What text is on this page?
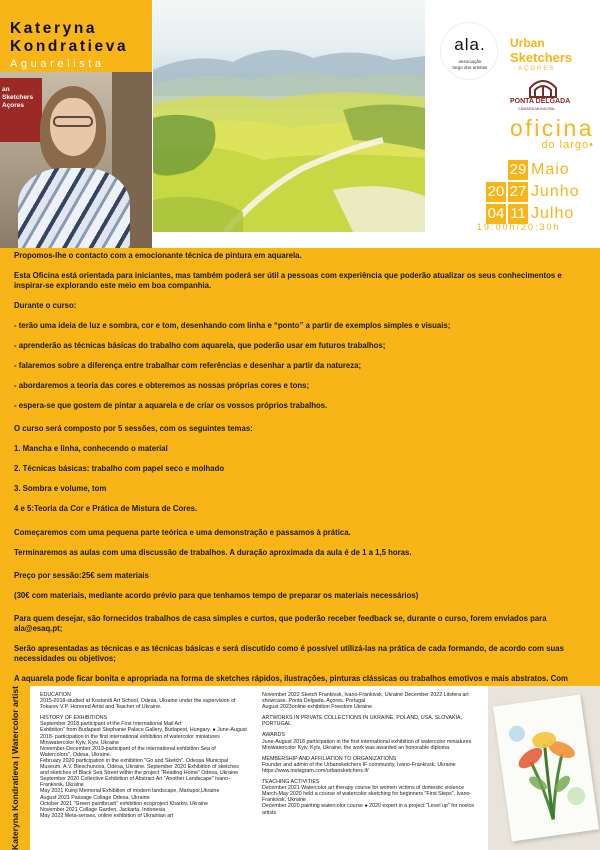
Kateryna
Kondratieva
Aguarelista
an Sketchers Açores
ala.
associação
largo dos artistas
Urban
Sketchers
AÇORES
PONTA DELGADA
CÂMARA MUNICIPAL
oficina
do largo•
29 Maio
20 27 Junho
04 11 Julho
19:00h/20:30h
Propomos-lhe o contacto com a emocionante técnica de pintura em aquarela.
Esta Oficina está orientada para iniciantes, mas também poderá ser útil a pessoas com experiência que poderão atualizar os seus conhecimentos e inspirar-se explorando este meio em boa companhia.
Durante o curso:
- terão uma ideia de luz e sombra, cor e tom, desenhando com linha e “ponto” a partir de exemplos simples e visuais;
- aprenderão as técnicas básicas do trabalho com aquarela, que poderão usar em futuros trabalhos;
- falaremos sobre a diferença entre trabalhar com referências e desenhar a partir da natureza;
- abordaremos a teoria das cores e obteremos as nossas próprias cores e tons;
- espera-se que gostem de pintar a aquarela e de criar os vossos próprios trabalhos.
O curso será composto por 5 sessões, com os seguintes temas:
1. Mancha e linha, conhecendo o material
2. Técnicas básicas: trabalho com papel seco e molhado
3. Sombra e volume, tom
4 e 5:Teoria da Cor e Prática de Mistura de Cores.
Começaremos com uma pequena parte teórica e uma demonstração e passamos à prática.
Terminaremos as aulas com uma discussão de trabalhos. A duração aproximada da aula é de 1 a 1,5 horas.
Preço por sessão:25€ sem materiais
(30€ com materiais, mediante acordo prévio para que tenhamos tempo de preparar os materiais necessários)
Para quem desejar, são fornecidos trabalhos de casa simples e curtos, que poderão receber feedback se, durante o curso, forem enviados para ala@esaq.pt;
Serão apresentadas as técnicas e as técnicas básicas e será discutido como é possível utilizá-las na prática de cada formando, de acordo com suas necessidades ou objetivos;
A aquarela pode ficar bonita e apropriada na forma de sketches rápidos, ilustrações, pinturas clássicas ou trabalhos emotivos e mais abstratos. Com
Kateryna Kondratieva | Watercolor artist	EDUCATION
2015-2018-studied at Kostandi Art School, Odesa, Ukraine under the supervision of Tokarev V.P. Honored Artist and Teacher of Ukraine.
HISTORY OF EXHIBITIONS
September 2018 participant of the First International Mail Art
Exhibition" from Budapest Stephanie Palace Gallery, Budapest, Hungary. ● June-August 2018- participation in the first international exhibition of watercolor miniatures Miniwatercolor Kyiv, Kyiv, Ukraine
November-December 2019-participant of the international exhibition Sea of Watercolors", Odesa, Ukraine.
February 2020 participation in the exhibition "Go and Sketch". Odessa Municipal Museum. A.V. Bleschunova, Odesa, Ukraine. September 2020 Exhibition of sketches and sketches of Black Sea Street within the project "Reading Home" Odesa, Ukraine
September 2020 Collective Exhibition of Abstract Art "Another Landscape" Ivano-Frankivsk, Ukraine
May 2021 Kuinji Memorial Exhibition of modern landscape, Mariupol,Ukraine
August 2021 Passage Collage Odesa, Ukraine
October 2021 "Green paintbrush" exhibition ecoproject Kharkiv, Ukraine
November 2021 Collage Garden, Jackarta, Indonesia
May 2022 Meta-senses, online exhibition of Ukrainian art
November 2022 Sketch Frankivsk, Ivano-Frankivsk, Ukraine December 2022 Litsfera art showcase. Ponta Delgada. Açores. Portugal
August 2023online exhibition Freedom Ukraine
ARTWORKS IN PRIVATE COLLECTIONS IN UKRAINE, POLAND, USA, SLOVAKIA, PORTUGAL
AWARDS
June-August 2018 participation in the first international exhibition of watercolor miniatures Miniwatercolor Kyiv, Kyiv, Ukraine, the work was awarded an honorable diploma.
MEMBERSHIP AND AFFILIATION TO ORGANIZATIONS
Founder and admin of the Urbansketchers IF community, Ivano-Frankivsk, Ukraine
https://www.instagram.com/urbansketchers.if/
TEACHING ACTIVITIES
December 2021 Watercolor art therapy course for women victims of domestic violence
March-May 2020 held a course of watercolor sketching for beginners "First Steps", Ivano-Frankivsk, Ukraine
December 2020 painting watercolor course ● 2020 expert in a project "Level up" for novice artists
